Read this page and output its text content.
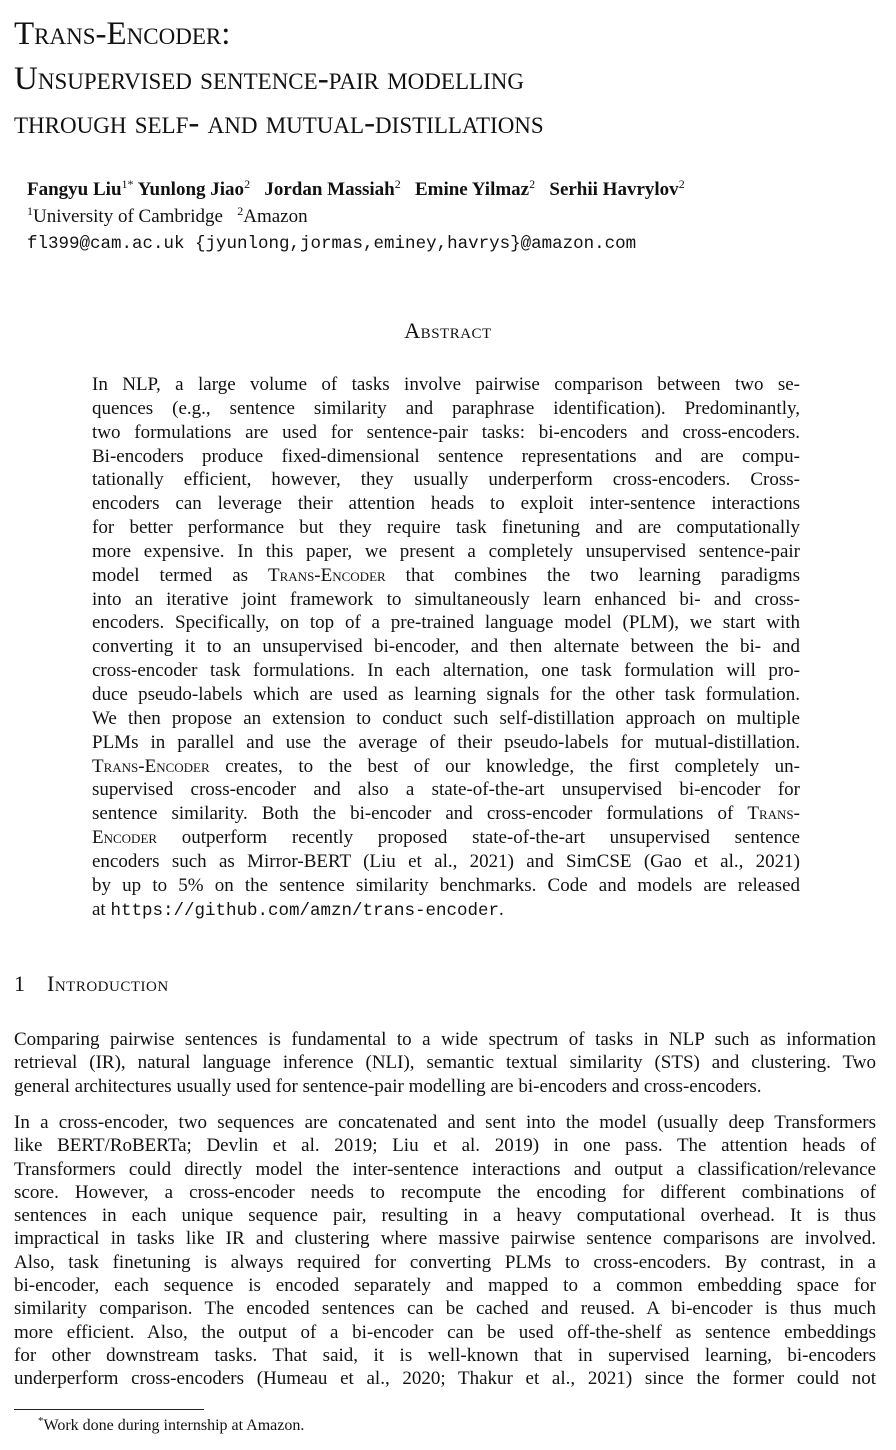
Trans-Encoder:
Unsupervised sentence-pair modelling
through self- and mutual-distillations
Fangyu Liu$^{1*}$ Yunlong Jiao$^2$ Jordan Massiah$^2$ Emine Yilmaz$^2$ Serhii Havrylov$^2$
$^1$University of Cambridge $^2$Amazon
fl399@cam.ac.uk {jyunlong,jormas,eminey,havrys}@amazon.com
Abstract
In NLP, a large volume of tasks involve pairwise comparison between two se-
quences (e.g., sentence similarity and paraphrase identification). Predominantly,
two formulations are used for sentence-pair tasks: bi-encoders and cross-encoders.
Bi-encoders produce fixed-dimensional sentence representations and are compu-
tationally efficient, however, they usually underperform cross-encoders. Cross-
encoders can leverage their attention heads to exploit inter-sentence interactions
for better performance but they require task finetuning and are computationally
more expensive. In this paper, we present a completely unsupervised sentence-pair
model termed as Trans-Encoder that combines the two learning paradigms
into an iterative joint framework to simultaneously learn enhanced bi- and cross-
encoders. Specifically, on top of a pre-trained language model (PLM), we start with
converting it to an unsupervised bi-encoder, and then alternate between the bi- and
cross-encoder task formulations. In each alternation, one task formulation will pro-
duce pseudo-labels which are used as learning signals for the other task formulation.
We then propose an extension to conduct such self-distillation approach on multiple
PLMs in parallel and use the average of their pseudo-labels for mutual-distillation.
Trans-Encoder creates, to the best of our knowledge, the first completely un-
supervised cross-encoder and also a state-of-the-art unsupervised bi-encoder for
sentence similarity. Both the bi-encoder and cross-encoder formulations of Trans-
Encoder outperform recently proposed state-of-the-art unsupervised sentence
encoders such as Mirror-BERT (Liu et al., 2021) and SimCSE (Gao et al., 2021)
by up to 5% on the sentence similarity benchmarks. Code and models are released
at https://github.com/amzn/trans-encoder.
1 Introduction
Comparing pairwise sentences is fundamental to a wide spectrum of tasks in NLP such as information
retrieval (IR), natural language inference (NLI), semantic textual similarity (STS) and clustering. Two
general architectures usually used for sentence-pair modelling are bi-encoders and cross-encoders.
In a cross-encoder, two sequences are concatenated and sent into the model (usually deep Transformers
like BERT/RoBERTa; Devlin et al. 2019; Liu et al. 2019) in one pass. The attention heads of
Transformers could directly model the inter-sentence interactions and output a classification/relevance
score. However, a cross-encoder needs to recompute the encoding for different combinations of
sentences in each unique sequence pair, resulting in a heavy computational overhead. It is thus
impractical in tasks like IR and clustering where massive pairwise sentence comparisons are involved.
Also, task finetuning is always required for converting PLMs to cross-encoders. By contrast, in a
bi-encoder, each sequence is encoded separately and mapped to a common embedding space for
similarity comparison. The encoded sentences can be cached and reused. A bi-encoder is thus much
more efficient. Also, the output of a bi-encoder can be used off-the-shelf as sentence embeddings
for other downstream tasks. That said, it is well-known that in supervised learning, bi-encoders
underperform cross-encoders (Humeau et al., 2020; Thakur et al., 2021) since the former could not
*Work done during internship at Amazon.
